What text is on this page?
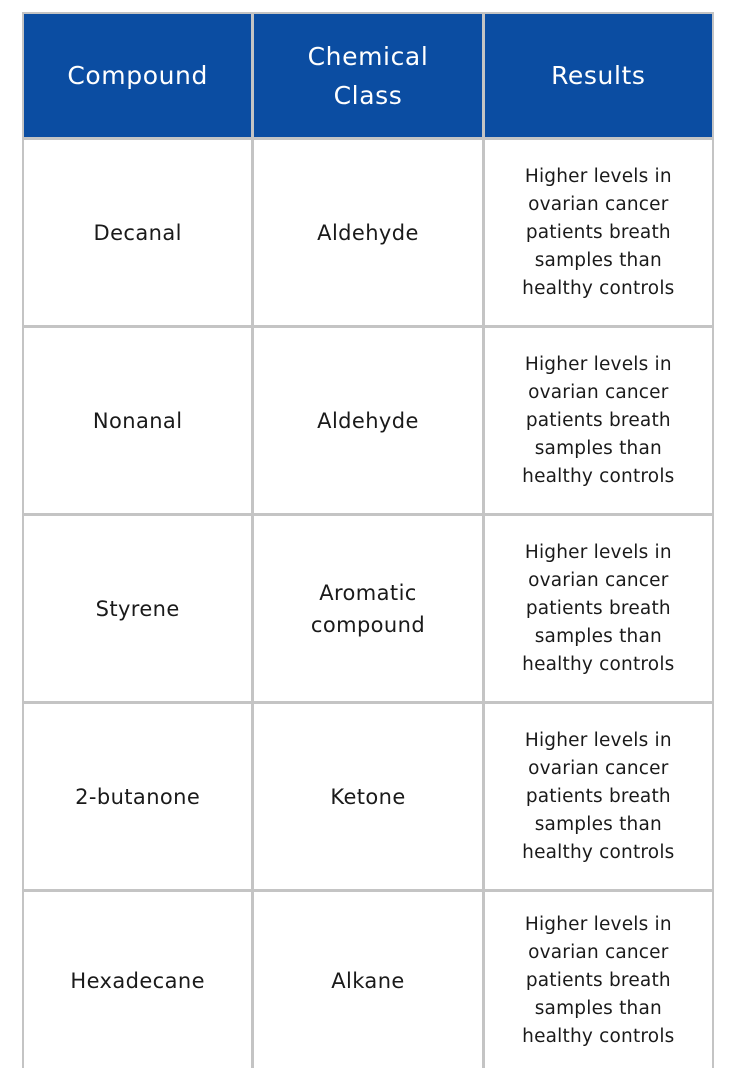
Compound	Chemical Class	Results
Decanal	Aldehyde	Higher levels in ovarian cancer patients breath samples than healthy controls
Nonanal	Aldehyde	Higher levels in ovarian cancer patients breath samples than healthy controls
Styrene	Aromatic compound	Higher levels in ovarian cancer patients breath samples than healthy controls
2-butanone	Ketone	Higher levels in ovarian cancer patients breath samples than healthy controls
Hexadecane	Alkane	Higher levels in ovarian cancer patients breath samples than healthy controls
